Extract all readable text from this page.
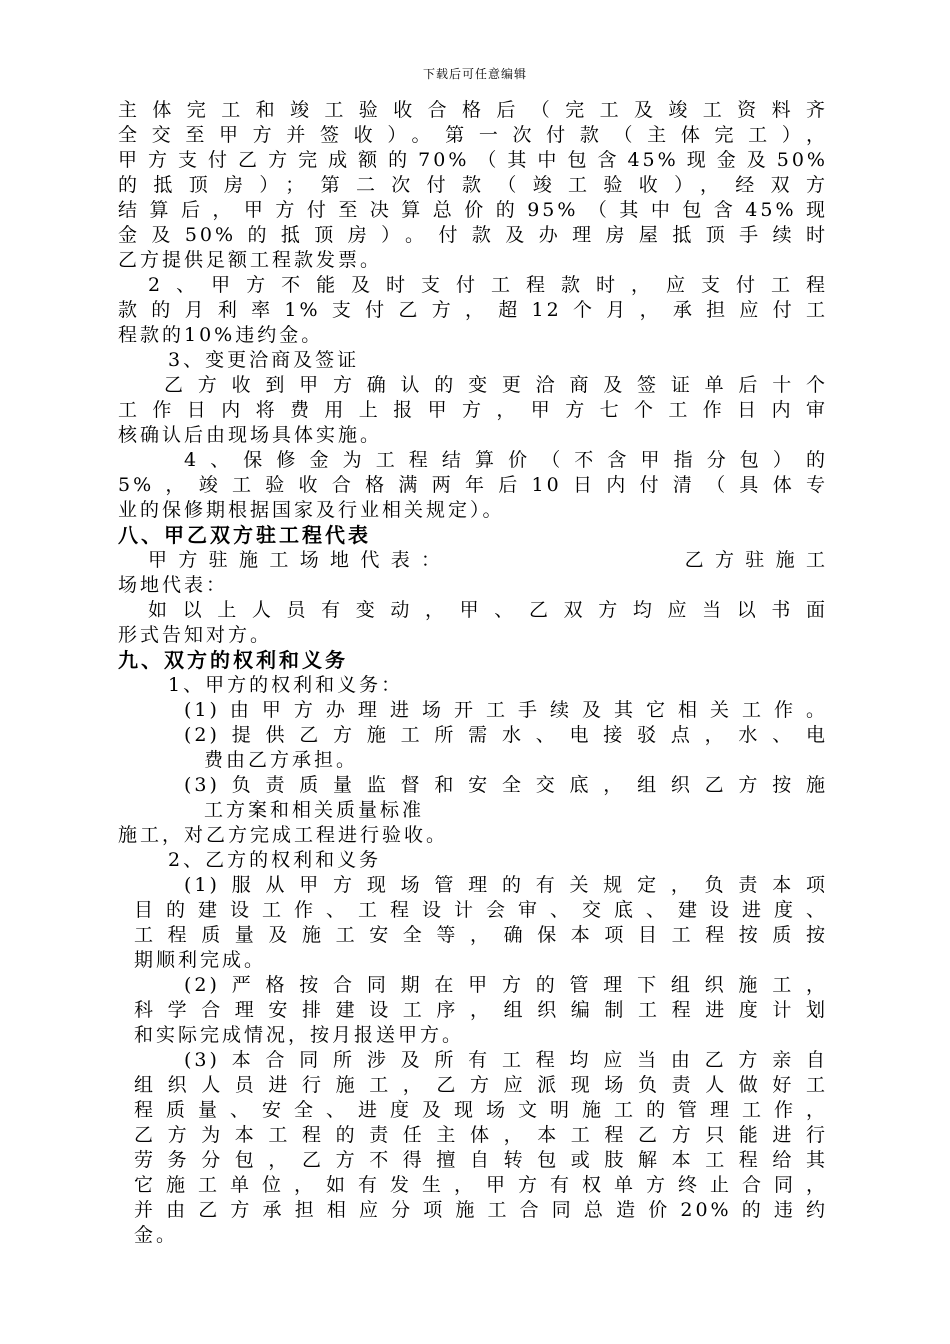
下载后可任意编辑
主体完工和竣工验收合格后（完工及竣工资料齐
全交至甲方并签收）。第一次付款（主体完工），
甲方支付乙方完成额的70%（其中包含45%现金及50%
的抵顶房）；第二次付款（竣工验收），经双方
结算后，甲方付至决算总价的95%（其中包含45%现
金及50%的抵顶房）。付款及办理房屋抵顶手续时
乙方提供足额工程款发票。
2、甲方不能及时支付工程款时，应支付工程
款的月利率1%支付乙方，超12个月，承担应付工
程款的10%违约金。
3、变更洽商及签证
乙方收到甲方确认的变更洽商及签证单后十个
工作日内将费用上报甲方，甲方七个工作日内审
核确认后由现场具体实施。
4、保修金为工程结算价（不含甲指分包）的
5%，竣工验收合格满两年后10日内付清（具体专
业的保修期根据国家及行业相关规定）。
八、甲乙双方驻工程代表
甲方驻施工场地代表：　　　　　　　　乙方驻施工
场地代表：
如以上人员有变动，甲、乙双方均应当以书面
形式告知对方。
九、双方的权利和义务
1、甲方的权利和义务：
(1)由甲方办理进场开工手续及其它相关工作。
(2)提供乙方施工所需水、电接驳点，水、电
费由乙方承担。
(3)负责质量监督和安全交底，组织乙方按施
工方案和相关质量标准
施工，对乙方完成工程进行验收。
2、乙方的权利和义务
(1)服从甲方现场管理的有关规定，负责本项
目的建设工作、工程设计会审、交底、建设进度、
工程质量及施工安全等，确保本项目工程按质按
期顺利完成。
(2)严格按合同期在甲方的管理下组织施工，
科学合理安排建设工序，组织编制工程进度计划
和实际完成情况，按月报送甲方。
(3)本合同所涉及所有工程均应当由乙方亲自
组织人员进行施工，乙方应派现场负责人做好工
程质量、安全、进度及现场文明施工的管理工作，
乙方为本工程的责任主体，本工程乙方只能进行
劳务分包，乙方不得擅自转包或肢解本工程给其
它施工单位，如有发生，甲方有权单方终止合同，
并由乙方承担相应分项施工合同总造价20%的违约
金。
